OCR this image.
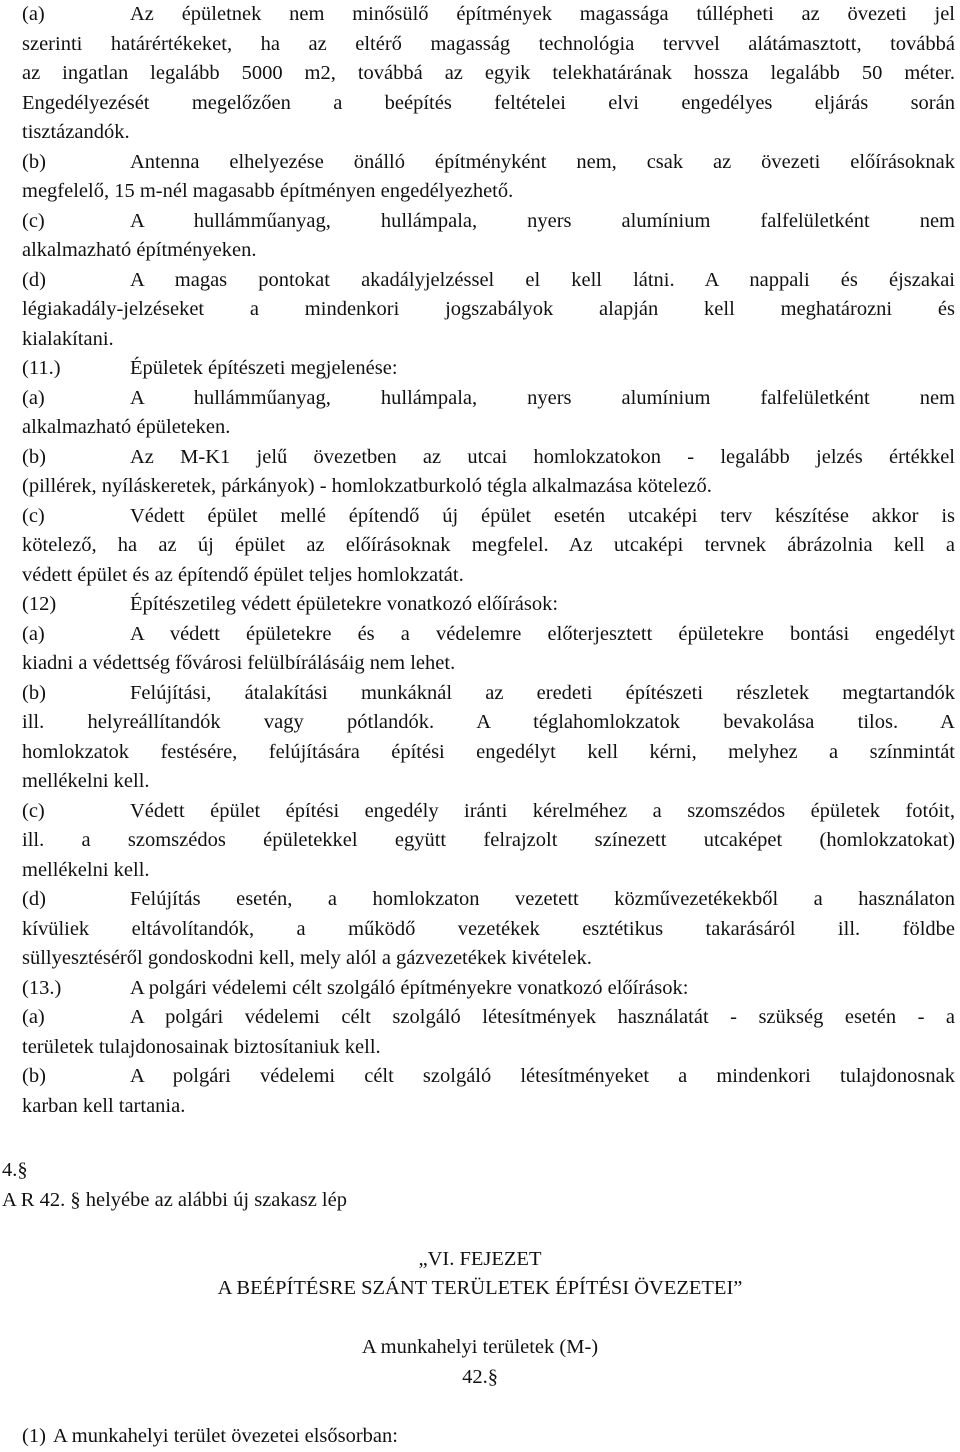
(a)	Az épületnek nem minősülő építmények magassága túllépheti az övezeti jel
szerinti határértékeket, ha az eltérő magasság technológia tervvel alátámasztott, továbbá
az ingatlan legalább 5000 m2, továbbá az egyik telekhatárának hossza legalább 50 méter.
Engedélyezését megelőzően a beépítés feltételei elvi engedélyes eljárás során
tisztázandók.
(b)	Antenna elhelyezése önálló építményként nem, csak az övezeti előírásoknak
megfelelő, 15 m-nél magasabb építményen engedélyezhető.
(c)	A hullámműanyag, hullámpala, nyers alumínium falfelületként nem
alkalmazható építményeken.
(d)	A magas pontokat akadályjelzéssel el kell látni. A nappali és éjszakai
légiakadály-jelzéseket a mindenkori jogszabályok alapján kell meghatározni és
kialakítani.
(11.)	Épületek építészeti megjelenése:
(a)	A hullámműanyag, hullámpala, nyers alumínium falfelületként nem
alkalmazható épületeken.
(b)	Az M-K1 jelű övezetben az utcai homlokzatokon - legalább jelzés értékkel
(pillérek, nyíláskeretek, párkányok) - homlokzatburkoló tégla alkalmazása kötelező.
(c)	Védett épület mellé építendő új épület esetén utcaképi terv készítése akkor is
kötelező, ha az új épület az előírásoknak megfelel. Az utcaképi tervnek ábrázolnia kell a
védett épület és az építendő épület teljes homlokzatát.
(12)	Építészetileg védett épületekre vonatkozó előírások:
(a)	A védett épületekre és a védelemre előterjesztett épületekre bontási engedélyt
kiadni a védettség fővárosi felülbírálásáig nem lehet.
(b)	Felújítási, átalakítási munkáknál az eredeti építészeti részletek megtartandók
ill. helyreállítandók vagy pótlandók. A téglahomlokzatok bevakolása tilos. A
homlokzatok festésére, felújítására építési engedélyt kell kérni, melyhez a színmintát
mellékelni kell.
(c)	Védett épület építési engedély iránti kérelméhez a szomszédos épületek fotóit,
ill. a szomszédos épületekkel együtt felrajzolt színezett utcaképet (homlokzatokat)
mellékelni kell.
(d)	Felújítás esetén, a homlokzaton vezetett közművezetékekből a használaton
kívüliek eltávolítandók, a működő vezetékek esztétikus takarásáról ill. földbe
süllyesztéséről gondoskodni kell, mely alól a gázvezetékek kivételek.
(13.)	A polgári védelemi célt szolgáló építményekre vonatkozó előírások:
(a)	A polgári védelemi célt szolgáló létesítmények használatát - szükség esetén - a
területek tulajdonosainak biztosítaniuk kell.
(b)	A polgári védelemi célt szolgáló létesítményeket a mindenkori tulajdonosnak
karban kell tartania.
4.§
A R 42. § helyébe az alábbi új szakasz lép
„VI. FEJEZET
A BEÉPÍTÉSRE SZÁNT TERÜLETEK ÉPÍTÉSI ÖVEZETEI”
A munkahelyi területek (M-)
42.§
(1) A munkahelyi terület övezetei elsősorban:
